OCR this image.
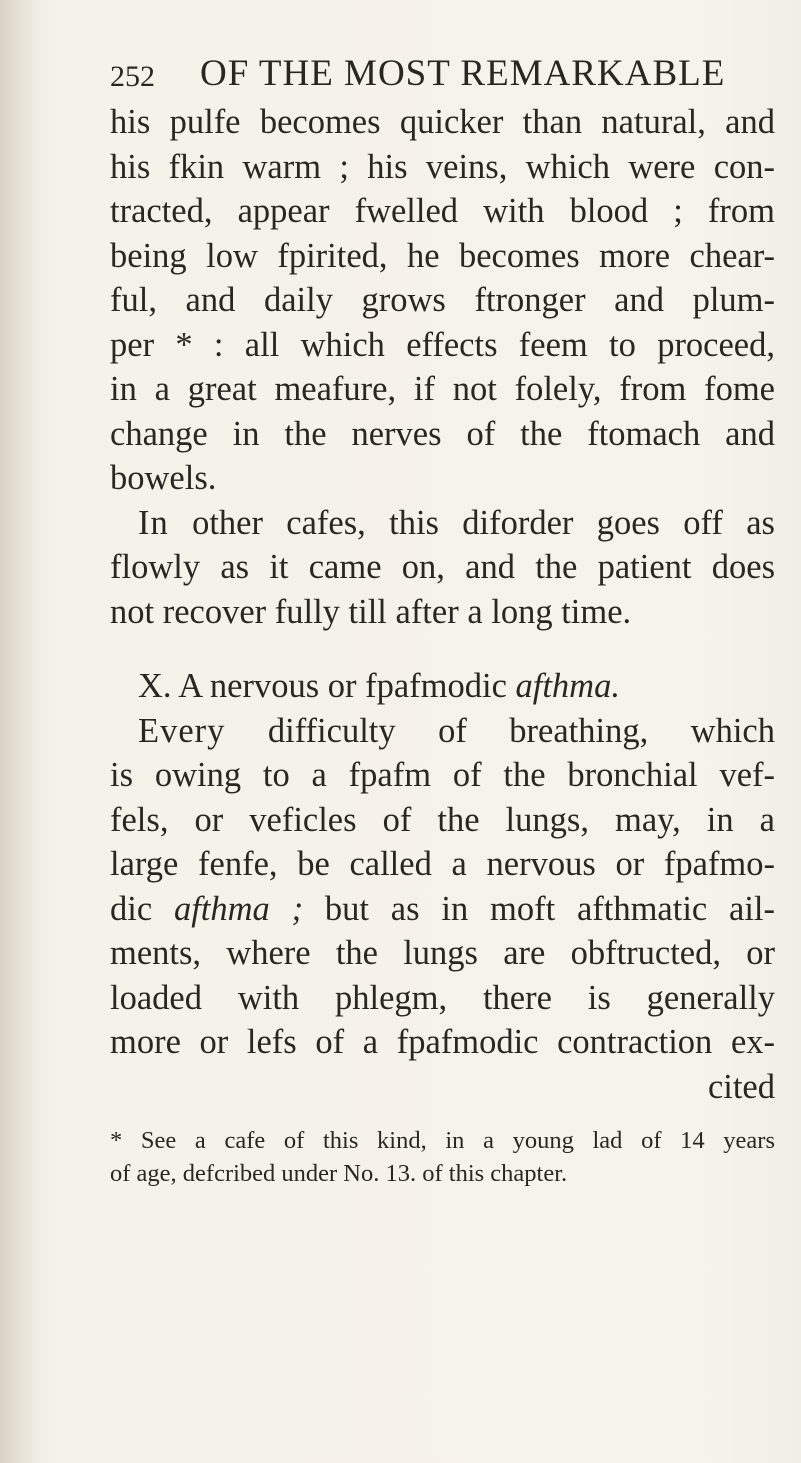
252 OF THE MOST REMARKABLE
his pulfe becomes quicker than natural, and
his fkin warm ; his veins, which were con-
tracted, appear fwelled with blood ; from
being low fpirited, he becomes more chear-
ful, and daily grows ftronger and plum-
per * : all which effects feem to proceed,
in a great meafure, if not folely, from fome
change in the nerves of the ftomach and
bowels.
In other cafes, this diforder goes off as
flowly as it came on, and the patient does
not recover fully till after a long time.
X. A nervous or fpafmodic afthma.
Every difficulty of breathing, which
is owing to a fpafm of the bronchial vef-
fels, or veficles of the lungs, may, in a
large fenfe, be called a nervous or fpafmo-
dic afthma ; but as in moft afthmatic ail-
ments, where the lungs are obftructed, or
loaded with phlegm, there is generally
more or lefs of a fpafmodic contraction ex-
cited
* See a cafe of this kind, in a young lad of 14 years
of age, defcribed under No. 13. of this chapter.
